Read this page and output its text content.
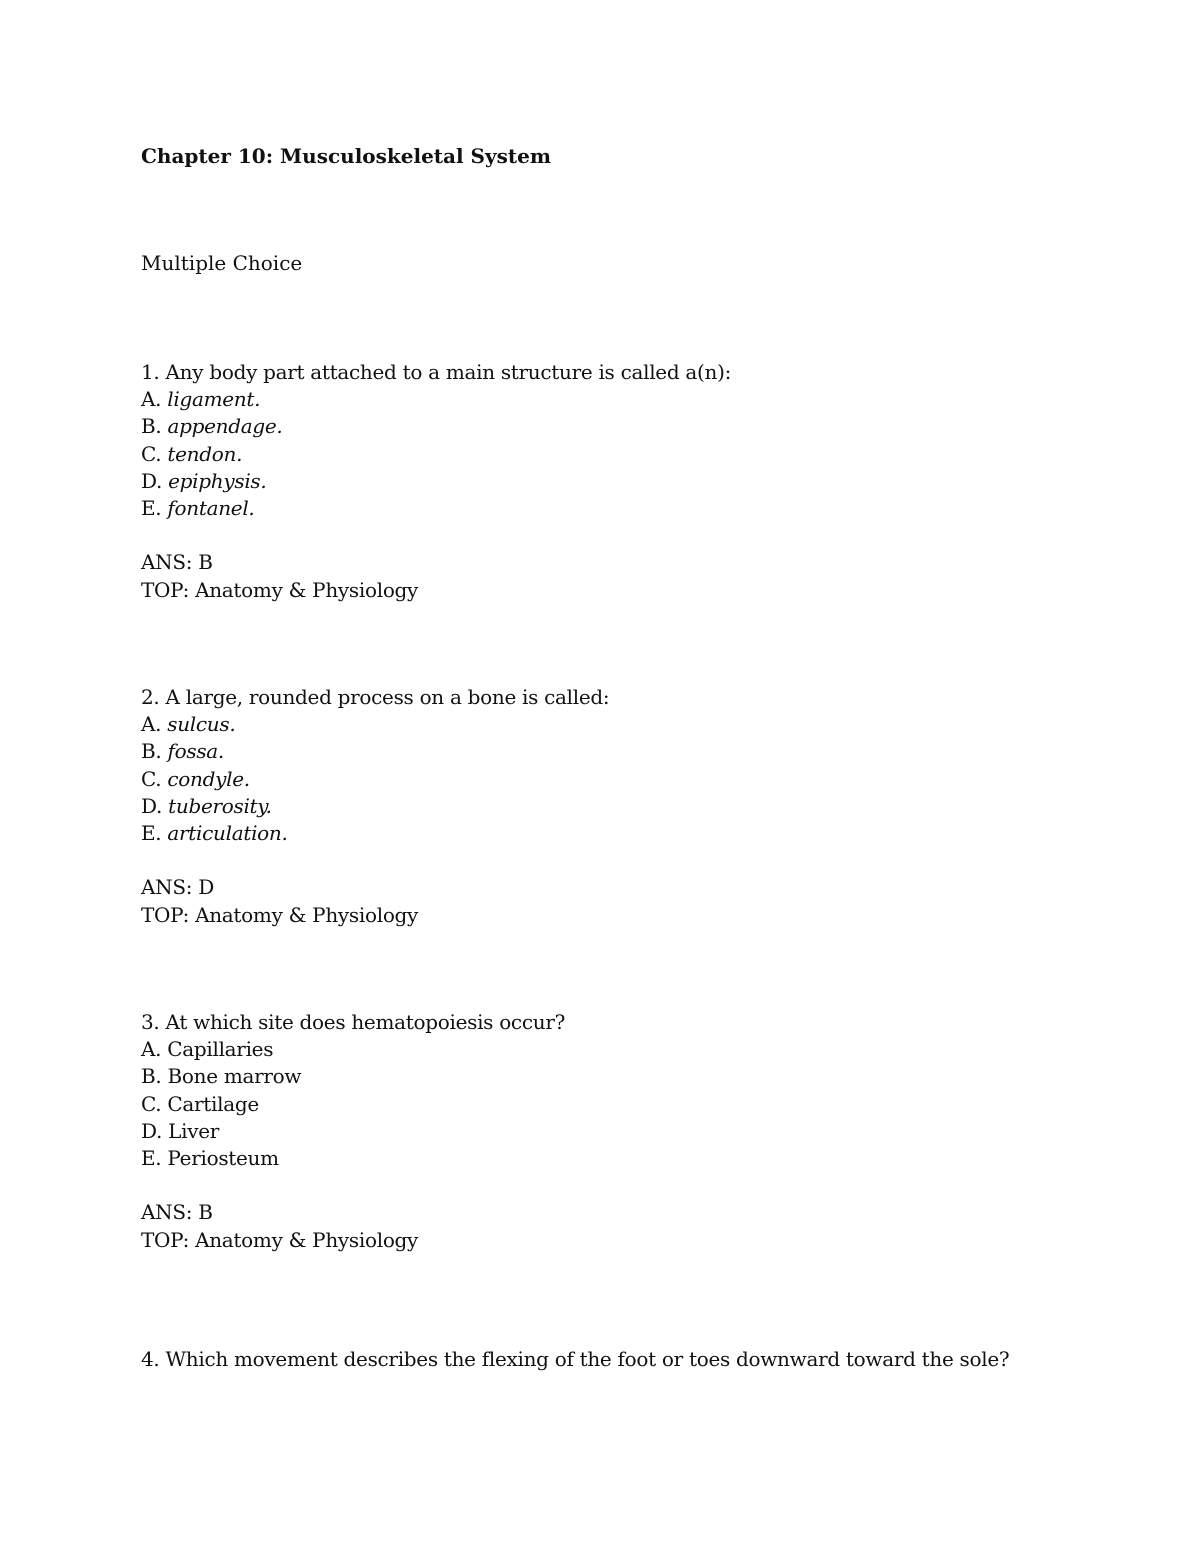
Chapter 10: Musculoskeletal System
Multiple Choice
1. Any body part attached to a main structure is called a(n):
A. ligament.
B. appendage.
C. tendon.
D. epiphysis.
E. fontanel.
ANS: B
TOP: Anatomy & Physiology
2. A large, rounded process on a bone is called:
A. sulcus.
B. fossa.
C. condyle.
D. tuberosity.
E. articulation.
ANS: D
TOP: Anatomy & Physiology
3. At which site does hematopoiesis occur?
A. Capillaries
B. Bone marrow
C. Cartilage
D. Liver
E. Periosteum
ANS: B
TOP: Anatomy & Physiology
4. Which movement describes the flexing of the foot or toes downward toward the sole?
